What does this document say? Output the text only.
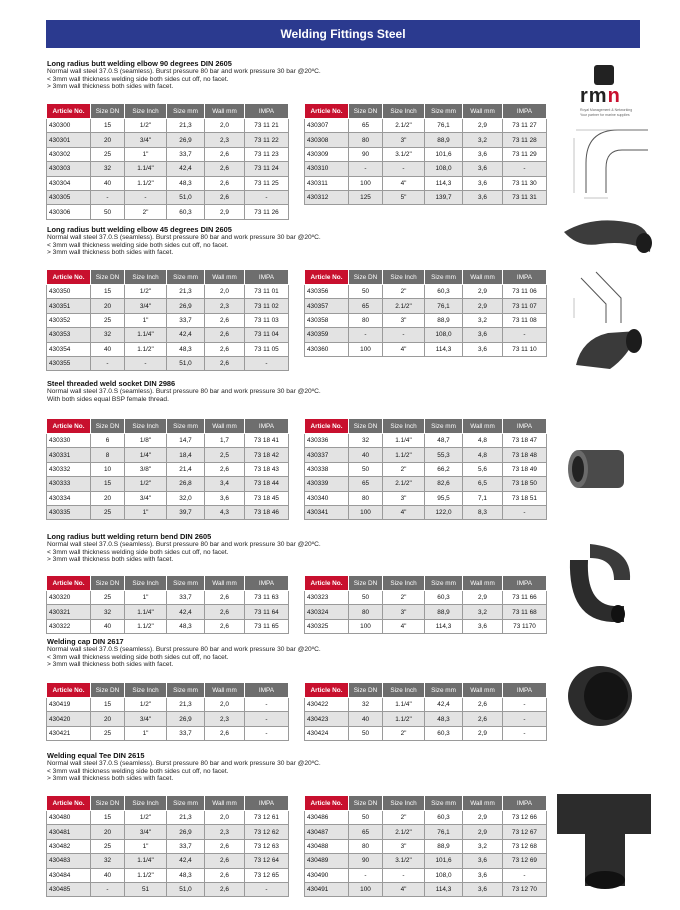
Welding Fittings Steel
rmn
Royal Management & Networking
Your partner for marine supplies
Long radius butt welding elbow 90 degrees DIN 2605
Normal wall steel 37.0.S (seamless). Burst pressure 80 bar and work pressure 30 bar @20ºC.
< 3mm wall thickness welding side both sides cut off, no facet.
> 3mm wall thickness both sides with facet.
Article No.	Size DN	Size Inch	Size mm	Wall mm	IMPA
430300	15	1/2"	21,3	2,0	73 11 21
430301	20	3/4"	26,9	2,3	73 11 22
430302	25	1"	33,7	2,6	73 11 23
430303	32	1.1/4"	42,4	2,6	73 11 24
430304	40	1.1/2"	48,3	2,6	73 11 25
430305	-	-	51,0	2,6	-
430306	50	2"	60,3	2,9	73 11 26
Article No.	Size DN	Size Inch	Size mm	Wall mm	IMPA
430307	65	2.1/2"	76,1	2,9	73 11 27
430308	80	3"	88,9	3,2	73 11 28
430309	90	3.1/2"	101,6	3,6	73 11 29
430310	-	-	108,0	3,6	-
430311	100	4"	114,3	3,6	73 11 30
430312	125	5"	139,7	3,6	73 11 31
Long radius butt welding elbow 45 degrees DIN 2605
Normal wall steel 37.0.S (seamless). Burst pressure 80 bar and work pressure 30 bar @20ºC.
< 3mm wall thickness welding side both sides cut off, no facet.
> 3mm wall thickness both sides with facet.
Article No.	Size DN	Size Inch	Size mm	Wall mm	IMPA
430350	15	1/2"	21,3	2,0	73 11 01
430351	20	3/4"	26,9	2,3	73 11 02
430352	25	1"	33,7	2,6	73 11 03
430353	32	1.1/4"	42,4	2,6	73 11 04
430354	40	1.1/2"	48,3	2,6	73 11 05
430355	-	-	51,0	2,6	-
Article No.	Size DN	Size Inch	Size mm	Wall mm	IMPA
430356	50	2"	60,3	2,9	73 11 06
430357	65	2.1/2"	76,1	2,9	73 11 07
430358	80	3"	88,9	3,2	73 11 08
430359	-	-	108,0	3,6	-
430360	100	4"	114,3	3,6	73 11 10
Steel threaded weld socket DIN 2986
Normal wall steel 37.0.S (seamless). Burst pressure 80 bar and work pressure 30 bar @20ºC.
With both sides equal BSP female thread.
Article No.	Size DN	Size Inch	Size mm	Wall mm	IMPA
430330	6	1/8"	14,7	1,7	73 18 41
430331	8	1/4"	18,4	2,5	73 18 42
430332	10	3/8"	21,4	2,6	73 18 43
430333	15	1/2"	26,8	3,4	73 18 44
430334	20	3/4"	32,0	3,6	73 18 45
430335	25	1"	39,7	4,3	73 18 46
Article No.	Size DN	Size Inch	Size mm	Wall mm	IMPA
430336	32	1.1/4"	48,7	4,8	73 18 47
430337	40	1.1/2"	55,3	4,8	73 18 48
430338	50	2"	66,2	5,6	73 18 49
430339	65	2.1/2"	82,6	6,5	73 18 50
430340	80	3"	95,5	7,1	73 18 51
430341	100	4"	122,0	8,3	-
Long radius butt welding return bend DIN 2605
Normal wall steel 37.0.S (seamless). Burst pressure 80 bar and work pressure 30 bar @20ºC.
< 3mm wall thickness welding side both sides cut off, no facet.
> 3mm wall thickness both sides with facet.
Article No.	Size DN	Size Inch	Size mm	Wall mm	IMPA
430320	25	1"	33,7	2,6	73 11 63
430321	32	1.1/4"	42,4	2,6	73 11 64
430322	40	1.1/2"	48,3	2,6	73 11 65
Article No.	Size DN	Size Inch	Size mm	Wall mm	IMPA
430323	50	2"	60,3	2,9	73 11 66
430324	80	3"	88,9	3,2	73 11 68
430325	100	4"	114,3	3,6	73 1170
Welding cap DIN 2617
Normal wall steel 37.0.S (seamless). Burst pressure 80 bar and work pressure 30 bar @20ºC.
< 3mm wall thickness welding side both sides cut off, no facet.
> 3mm wall thickness both sides with facet.
Article No.	Size DN	Size Inch	Size mm	Wall mm	IMPA
430419	15	1/2"	21,3	2,0	-
430420	20	3/4"	26,9	2,3	-
430421	25	1"	33,7	2,6	-
Article No.	Size DN	Size Inch	Size mm	Wall mm	IMPA
430422	32	1.1/4"	42,4	2,6	-
430423	40	1.1/2"	48,3	2,6	-
430424	50	2"	60,3	2,9	-
Welding equal Tee DIN 2615
Normal wall steel 37.0.S (seamless). Burst pressure 80 bar and work pressure 30 bar @20ºC.
< 3mm wall thickness welding side both sides cut off, no facet.
> 3mm wall thickness both sides with facet.
Article No.	Size DN	Size Inch	Size mm	Wall mm	IMPA
430480	15	1/2"	21,3	2,0	73 12 61
430481	20	3/4"	26,9	2,3	73 12 62
430482	25	1"	33,7	2,6	73 12 63
430483	32	1.1/4"	42,4	2,6	73 12 64
430484	40	1.1/2"	48,3	2,6	73 12 65
430485	-	51	51,0	2,6	-
Article No.	Size DN	Size Inch	Size mm	Wall mm	IMPA
430486	50	2"	60,3	2,9	73 12 66
430487	65	2.1/2"	76,1	2,9	73 12 67
430488	80	3"	88,9	3,2	73 12 68
430489	90	3.1/2"	101,6	3,6	73 12 69
430490	-	-	108,0	3,6	-
430491	100	4"	114,3	3,6	73 12 70
